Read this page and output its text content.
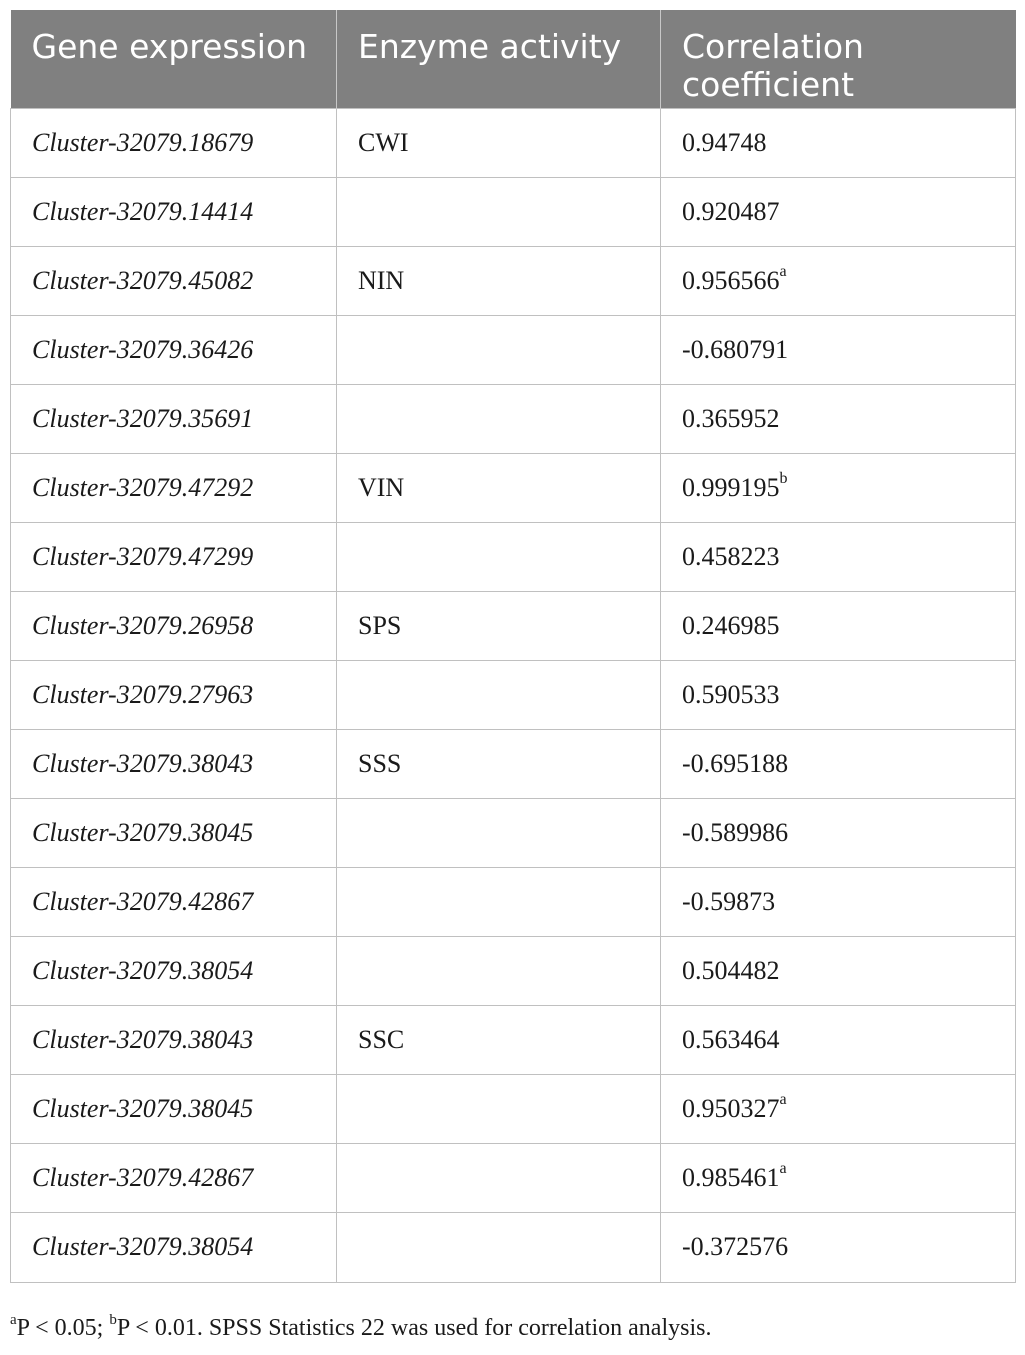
Gene expression	Enzyme activity	Correlation coefficient
Cluster-32079.18679	CWI	0.94748
Cluster-32079.14414		0.920487
Cluster-32079.45082	NIN	0.956566$^a$
Cluster-32079.36426		-0.680791
Cluster-32079.35691		0.365952
Cluster-32079.47292	VIN	0.999195$^b$
Cluster-32079.47299		0.458223
Cluster-32079.26958	SPS	0.246985
Cluster-32079.27963		0.590533
Cluster-32079.38043	SSS	-0.695188
Cluster-32079.38045		-0.589986
Cluster-32079.42867		-0.59873
Cluster-32079.38054		0.504482
Cluster-32079.38043	SSC	0.563464
Cluster-32079.38045		0.950327$^a$
Cluster-32079.42867		0.985461$^a$
Cluster-32079.38054		-0.372576
$^a$P < 0.05; $^b$P < 0.01. SPSS Statistics 22 was used for correlation analysis.
